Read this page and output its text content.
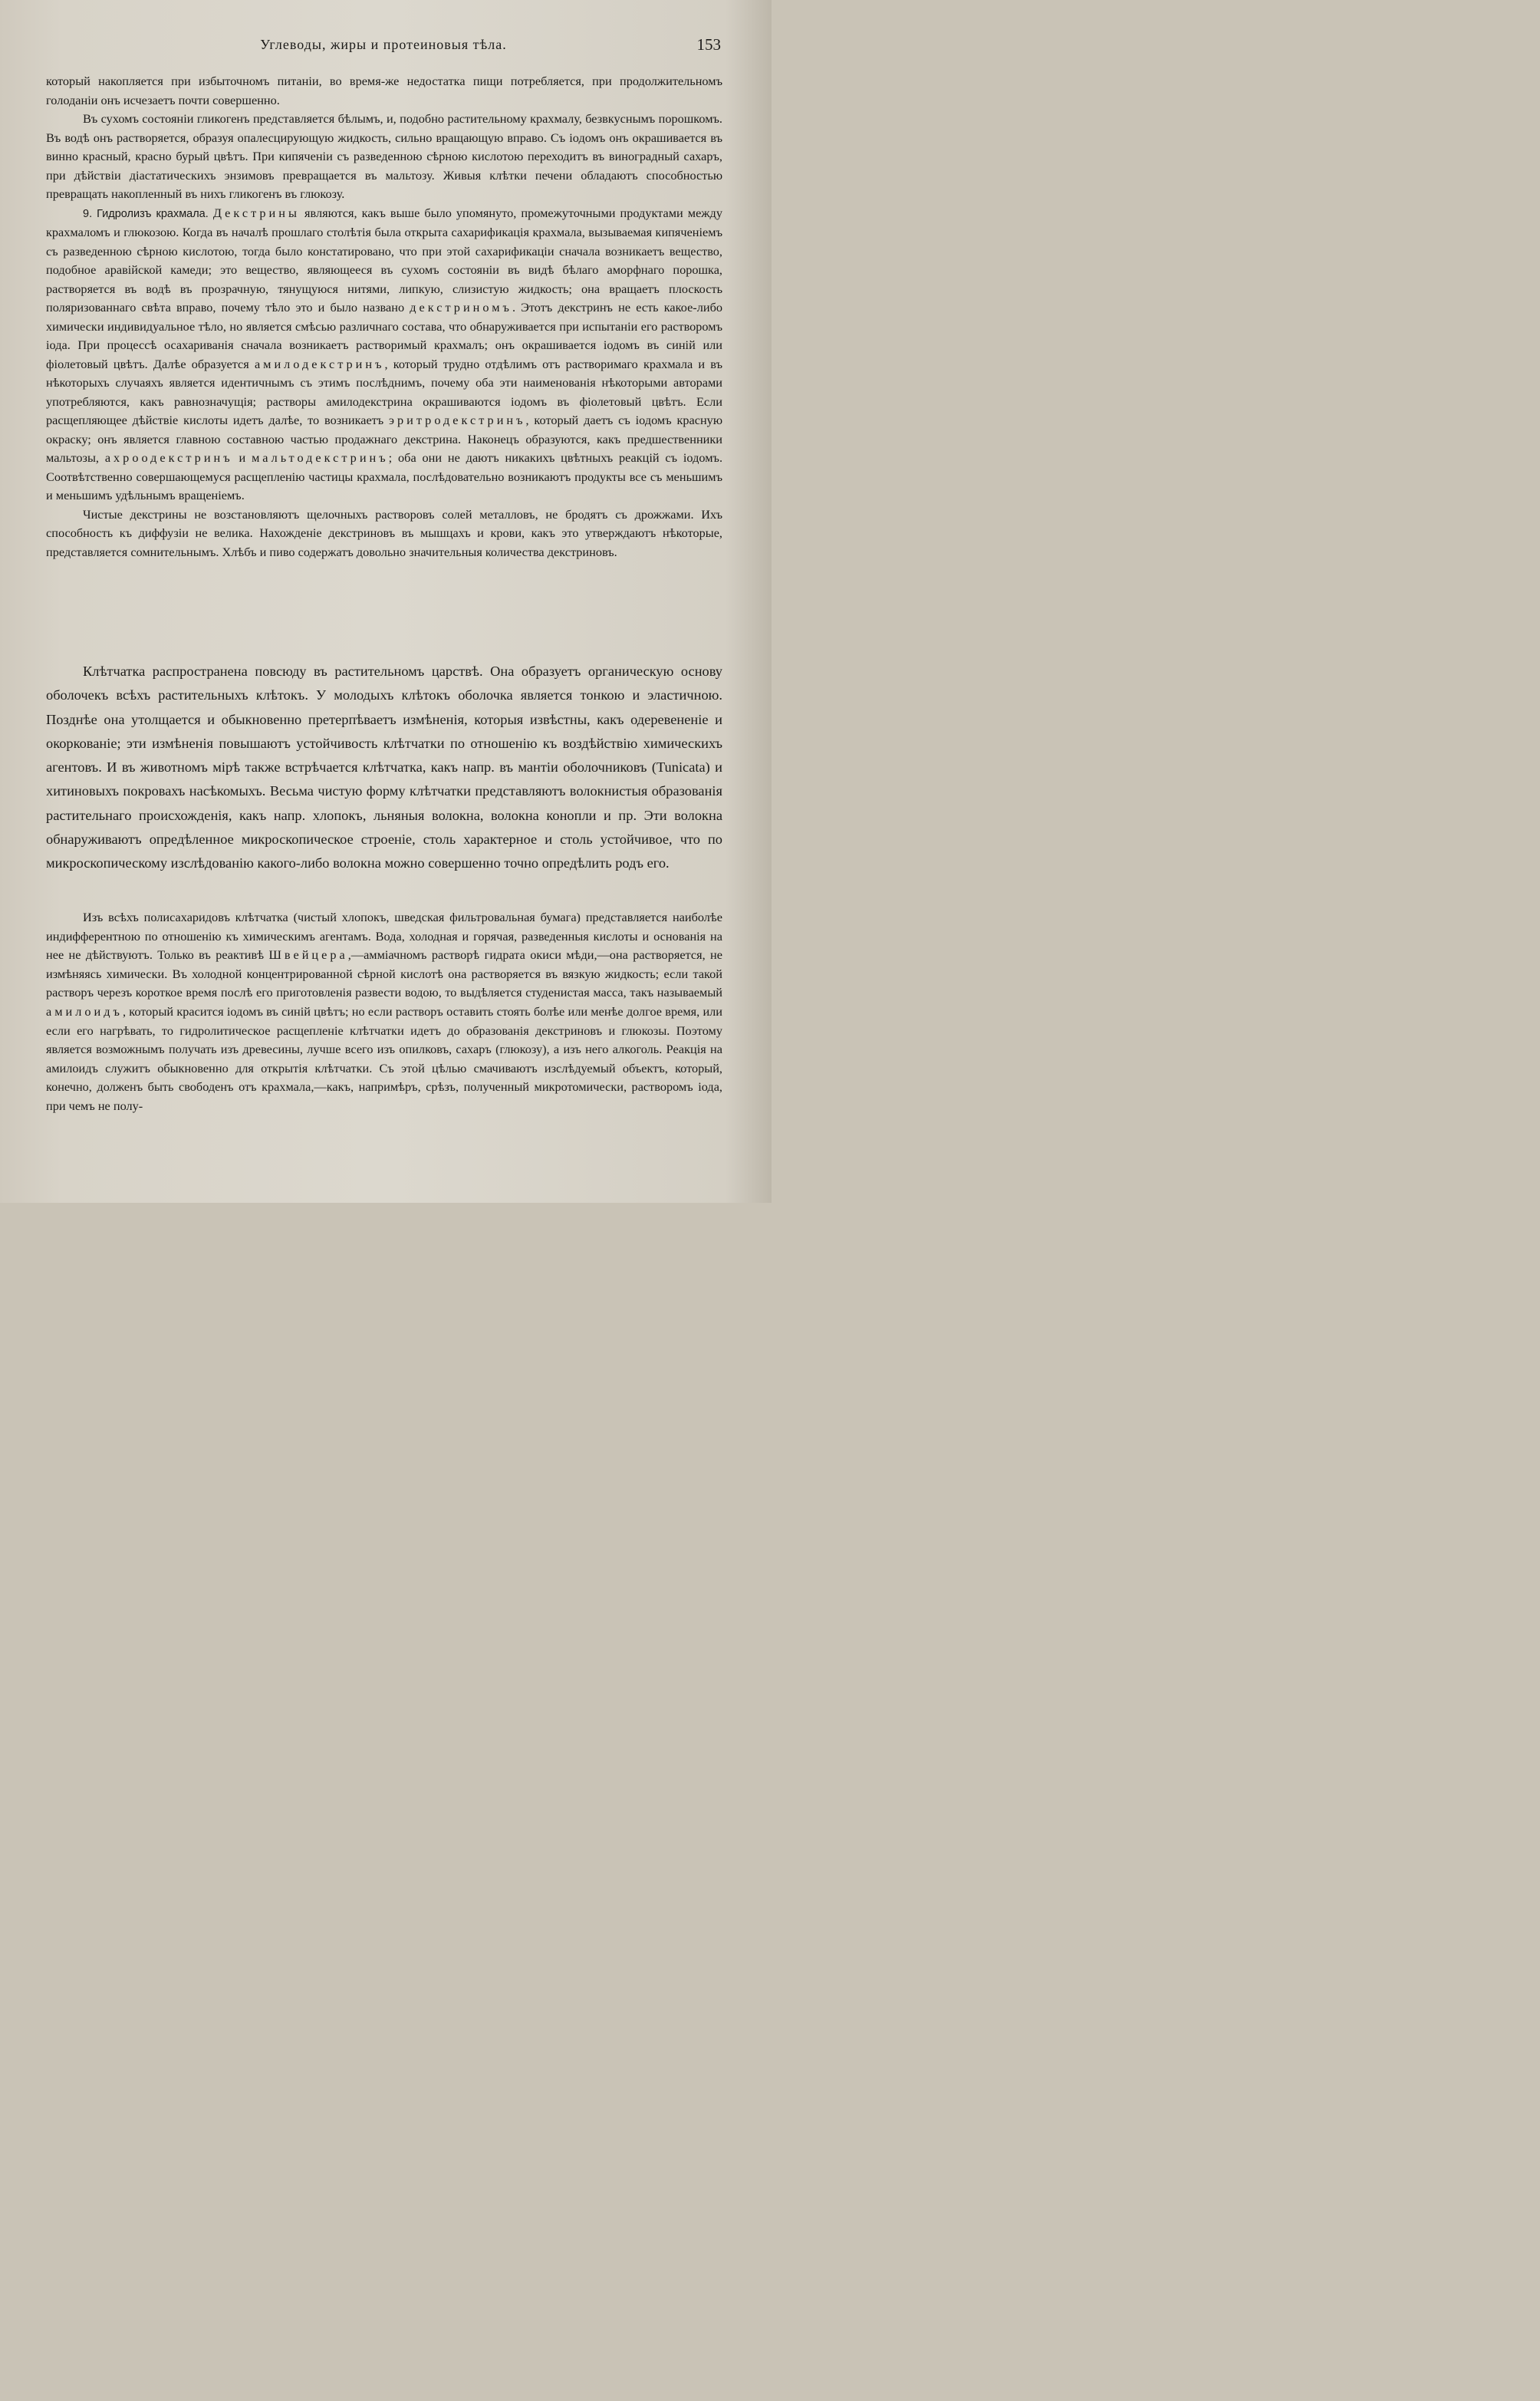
Углеводы, жиры и протеиновыя тѣла.	153

который накопляется при избыточномъ питаніи, во время-же недостатка пищи потребляется, при продолжительномъ голоданіи онъ исчезаетъ почти совершенно.

Въ сухомъ состояніи гликогенъ представляется бѣлымъ, и, подобно растительному крахмалу, безвкуснымъ порошкомъ. Въ водѣ онъ растворяется, образуя опалесцирующую жидкость, сильно вращающую вправо. Съ іодомъ онъ окрашивается въ винно красный, красно бурый цвѣтъ. При кипяченіи съ разведенною сѣрною кислотою переходитъ въ виноградный сахаръ, при дѣйствіи діастатическихъ энзимовъ превращается въ мальтозу. Живыя клѣтки печени обладаютъ способностью превращать накопленный въ нихъ гликогенъ въ глюкозу.

9. Гидролизъ крахмала. Декстрины являются, какъ выше было упомянуто, промежуточными продуктами между крахмаломъ и глюкозою. Когда въ началѣ прошлаго столѣтія была открыта сахарификація крахмала, вызываемая кипяченіемъ съ разведенною сѣрною кислотою, тогда было констатировано, что при этой сахарификаціи сначала возникаетъ вещество, подобное аравійской камеди; это вещество, являющееся въ сухомъ состояніи въ видѣ бѣлаго аморфнаго порошка, растворяется въ водѣ въ прозрачную, тянущуюся нитями, липкую, слизистую жидкость; она вращаетъ плоскость поляризованнаго свѣта вправо, почему тѣло это и было названо декстриномъ. Этотъ декстринъ не есть какое-либо химически индивидуальное тѣло, но является смѣсью различнаго состава, что обнаруживается при испытаніи его растворомъ іода. При процессѣ осахариванія сначала возникаетъ растворимый крахмалъ; онъ окрашивается іодомъ въ синій или фіолетовый цвѣтъ. Далѣе образуется амилодекстринъ, который трудно отдѣлимъ отъ растворимаго крахмала и въ нѣкоторыхъ случаяхъ является идентичнымъ съ этимъ послѣднимъ, почему оба эти наименованія нѣкоторыми авторами употребляются, какъ равнозначущія; растворы амилодекстрина окрашиваются іодомъ въ фіолетовый цвѣтъ. Если расщепляющее дѣйствіе кислоты идетъ далѣе, то возникаетъ эритродекстринъ, который даетъ съ іодомъ красную окраску; онъ является главною составною частью продажнаго декстрина. Наконецъ образуются, какъ предшественники мальтозы, ахроодекстринъ и мальтодекстринъ; оба они не даютъ никакихъ цвѣтныхъ реакцій съ іодомъ. Соотвѣтственно совершающемуся расщепленію частицы крахмала, послѣдовательно возникаютъ продукты все съ меньшимъ и меньшимъ удѣльнымъ вращеніемъ.

Чистые декстрины не возстановляютъ щелочныхъ растворовъ солей металловъ, не бродятъ съ дрожжами. Ихъ способность къ диффузіи не велика. Нахожденіе декстриновъ въ мышцахъ и крови, какъ это утверждаютъ нѣкоторые, представляется сомнительнымъ. Хлѣбъ и пиво содержатъ довольно значительныя количества декстриновъ.

Клѣтчатка распространена повсюду въ растительномъ царствѣ. Она образуетъ органическую основу оболочекъ всѣхъ растительныхъ клѣтокъ. У молодыхъ клѣтокъ оболочка является тонкою и эластичною. Позднѣе она утолщается и обыкновенно претерпѣваетъ измѣненія, которыя извѣстны, какъ одеревененіе и окоркованіе; эти измѣненія повышаютъ устойчивость клѣтчатки по отношенію къ воздѣйствію химическихъ агентовъ. И въ животномъ мірѣ также встрѣчается клѣтчатка, какъ напр. въ мантіи оболочниковъ (Tunicata) и хитиновыхъ покровахъ насѣкомыхъ. Весьма чистую форму клѣтчатки представляютъ волокнистыя образованія растительнаго происхожденія, какъ напр. хлопокъ, льняныя волокна, волокна конопли и пр. Эти волокна обнаруживаютъ опредѣленное микроскопическое строеніе, столь характерное и столь устойчивое, что по микроскопическому изслѣдованію какого-либо волокна можно совершенно точно опредѣлить родъ его.

Изъ всѣхъ полисахаридовъ клѣтчатка (чистый хлопокъ, шведская фильтровальная бумага) представляется наиболѣе индифферентною по отношенію къ химическимъ агентамъ. Вода, холодная и горячая, разведенныя кислоты и основанія на нее не дѣйствуютъ. Только въ реактивѣ Швейцера,—амміачномъ растворѣ гидрата окиси мѣди,—она растворяется, не измѣняясь химически. Въ холодной концентрированной сѣрной кислотѣ она растворяется въ вязкую жидкость; если такой растворъ черезъ короткое время послѣ его приготовленія развести водою, то выдѣляется студенистая масса, такъ называемый амилоидъ, который красится іодомъ въ синій цвѣтъ; но если растворъ оставить стоять болѣе или менѣе долгое время, или если его нагрѣвать, то гидролитическое расщепленіе клѣтчатки идетъ до образованія декстриновъ и глюкозы. Поэтому является возможнымъ получать изъ древесины, лучше всего изъ опилковъ, сахаръ (глюкозу), а изъ него алкоголь. Реакція на амилоидъ служитъ обыкновенно для открытія клѣтчатки. Съ этой цѣлью смачиваютъ изслѣдуемый объектъ, который, конечно, долженъ быть свободенъ отъ крахмала,—какъ, напримѣръ, срѣзъ, полученный микротомически, растворомъ іода, при чемъ не полу-
